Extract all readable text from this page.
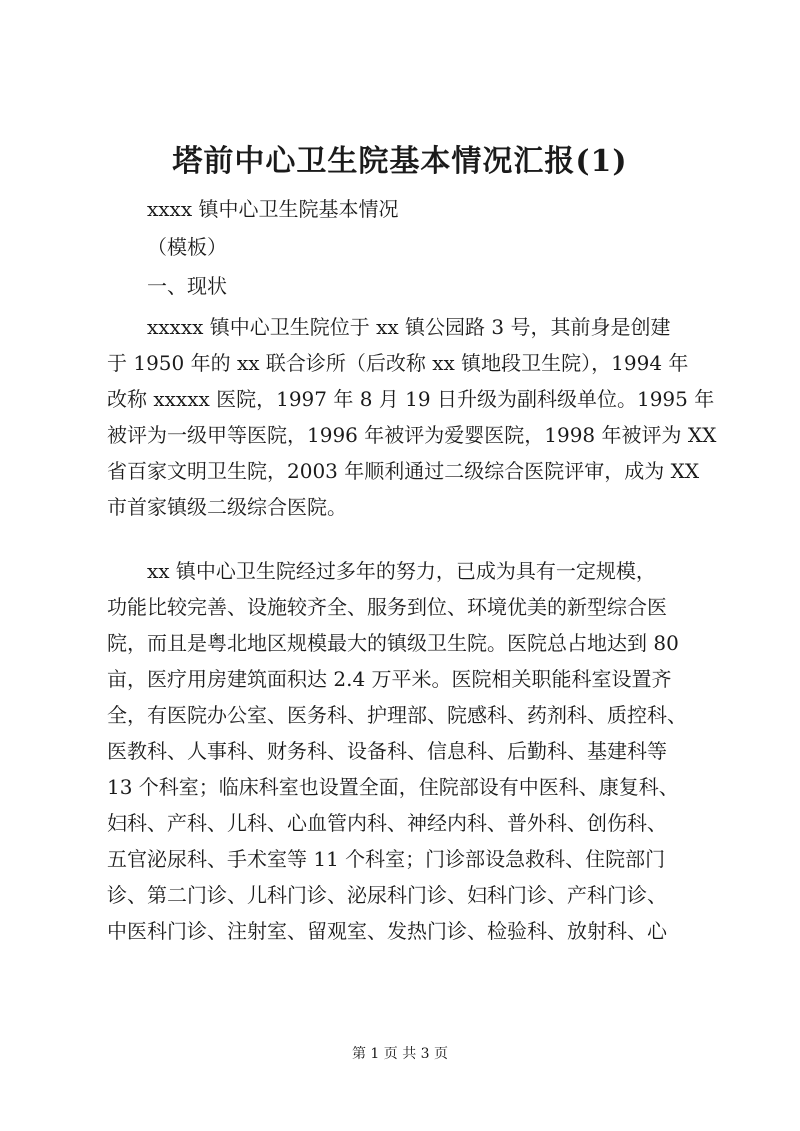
塔前中心卫生院基本情况汇报(1)

xxxx 镇中心卫生院基本情况

（模板）

一、现状

xxxxx 镇中心卫生院位于 xx 镇公园路 3 号，其前身是创建
于 1950 年的 xx 联合诊所（后改称 xx 镇地段卫生院），1994 年
改称 xxxxx 医院，1997 年 8 月 19 日升级为副科级单位。1995 年
被评为一级甲等医院，1996 年被评为爱婴医院，1998 年被评为 XX
省百家文明卫生院，2003 年顺利通过二级综合医院评审，成为 XX
市首家镇级二级综合医院。

xx 镇中心卫生院经过多年的努力，已成为具有一定规模，
功能比较完善、设施较齐全、服务到位、环境优美的新型综合医
院，而且是粤北地区规模最大的镇级卫生院。医院总占地达到 80
亩，医疗用房建筑面积达 2.4 万平米。医院相关职能科室设置齐
全，有医院办公室、医务科、护理部、院感科、药剂科、质控科、
医教科、人事科、财务科、设备科、信息科、后勤科、基建科等
13 个科室；临床科室也设置全面，住院部设有中医科、康复科、
妇科、产科、儿科、心血管内科、神经内科、普外科、创伤科、
五官泌尿科、手术室等 11 个科室；门诊部设急救科、住院部门
诊、第二门诊、儿科门诊、泌尿科门诊、妇科门诊、产科门诊、
中医科门诊、注射室、留观室、发热门诊、检验科、放射科、心

第 1 页 共 3 页
